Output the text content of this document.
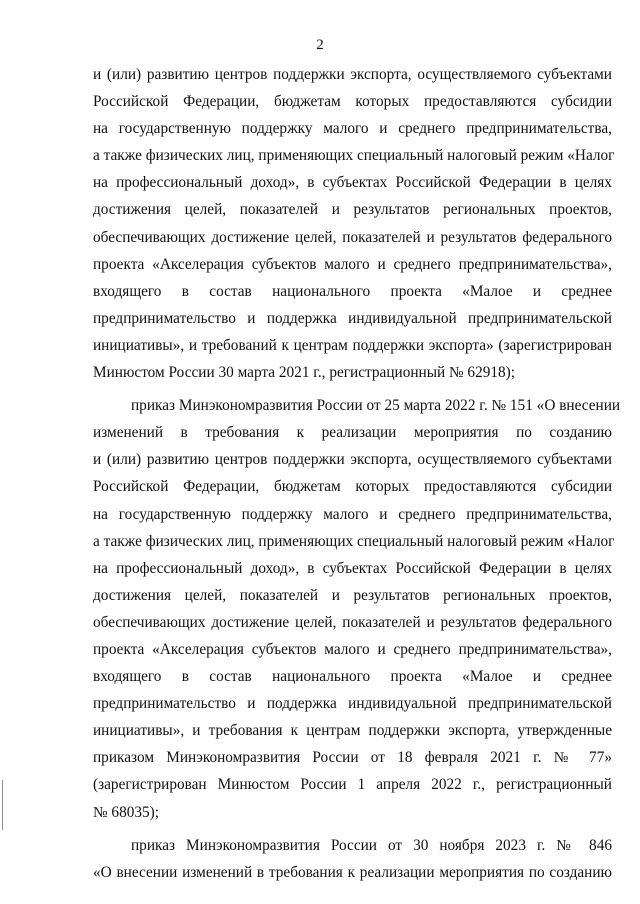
2
и (или) развитию центров поддержки экспорта, осуществляемого субъектами
Российской Федерации, бюджетам которых предоставляются субсидии
на государственную поддержку малого и среднего предпринимательства,
а также физических лиц, применяющих специальный налоговый режим «Налог
на профессиональный доход», в субъектах Российской Федерации в целях
достижения целей, показателей и результатов региональных проектов,
обеспечивающих достижение целей, показателей и результатов федерального
проекта «Акселерация субъектов малого и среднего предпринимательства»,
входящего в состав национального проекта «Малое и среднее
предпринимательство и поддержка индивидуальной предпринимательской
инициативы», и требований к центрам поддержки экспорта» (зарегистрирован
Минюстом России 30 марта 2021 г., регистрационный № 62918);
приказ Минэкономразвития России от 25 марта 2022 г. № 151 «О внесении
изменений в требования к реализации мероприятия по созданию
и (или) развитию центров поддержки экспорта, осуществляемого субъектами
Российской Федерации, бюджетам которых предоставляются субсидии
на государственную поддержку малого и среднего предпринимательства,
а также физических лиц, применяющих специальный налоговый режим «Налог
на профессиональный доход», в субъектах Российской Федерации в целях
достижения целей, показателей и результатов региональных проектов,
обеспечивающих достижение целей, показателей и результатов федерального
проекта «Акселерация субъектов малого и среднего предпринимательства»,
входящего в состав национального проекта «Малое и среднее
предпринимательство и поддержка индивидуальной предпринимательской
инициативы», и требования к центрам поддержки экспорта, утвержденные
приказом Минэкономразвития России от 18 февраля 2021 г. № 77»
(зарегистрирован Минюстом России 1 апреля 2022 г., регистрационный
№ 68035);
приказ Минэкономразвития России от 30 ноября 2023 г. № 846
«О внесении изменений в требования к реализации мероприятия по созданию
